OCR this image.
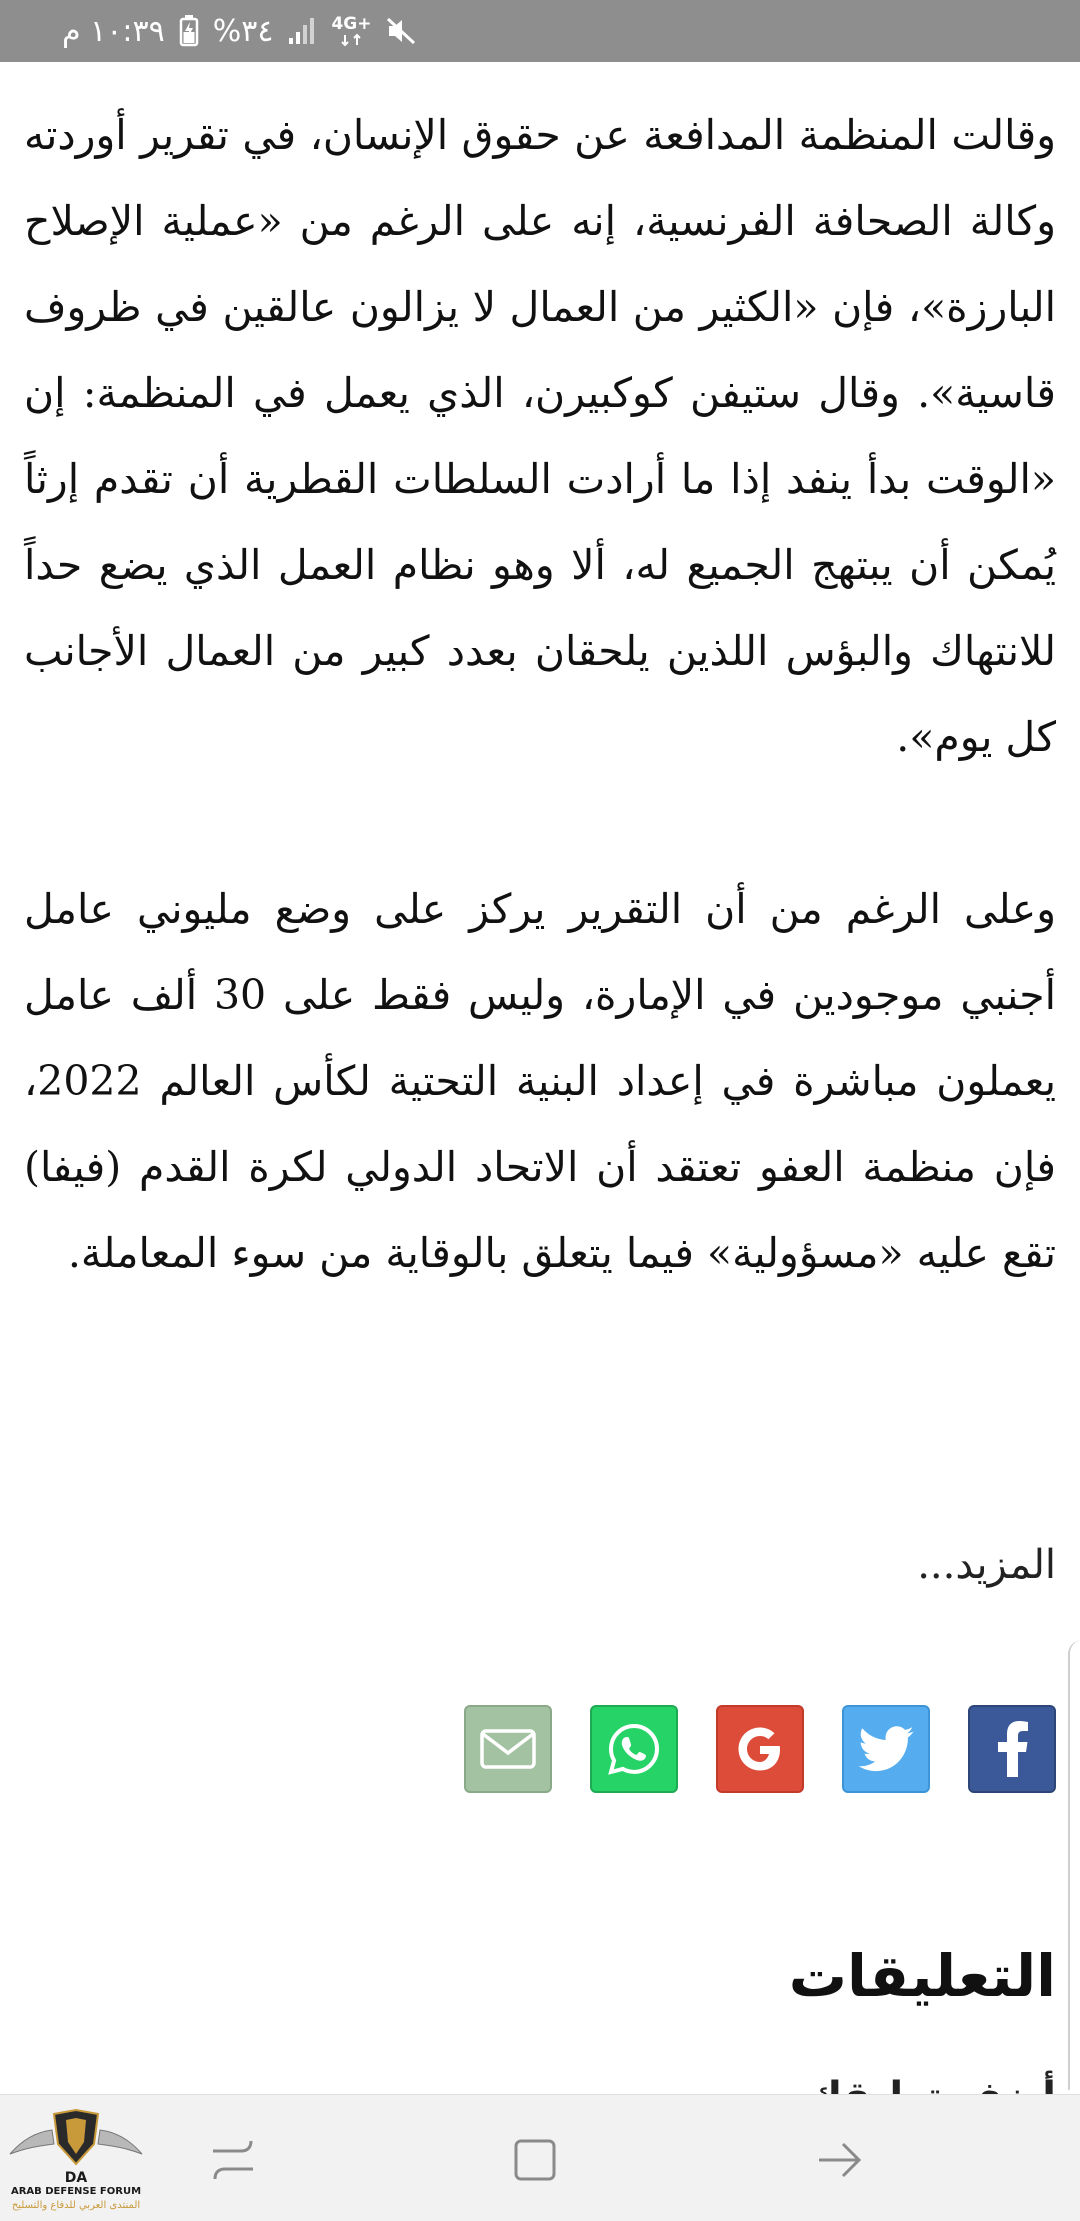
١٠:٣٩ م %٣٤	4G+

وقالت المنظمة المدافعة عن حقوق الإنسان، في تقرير أوردته وكالة الصحافة الفرنسية، إنه على الرغم من «عملية الإصلاح البارزة»، فإن «الكثير من العمال لا يزالون عالقين في ظروف قاسية». وقال ستيفن كوكبيرن، الذي يعمل في المنظمة: إن «الوقت بدأ ينفد إذا ما أرادت السلطات القطرية أن تقدم إرثاً يُمكن أن يبتهج الجميع له، ألا وهو نظام العمل الذي يضع حداً للانتهاك والبؤس اللذين يلحقان بعدد كبير من العمال الأجانب كل يوم».

وعلى الرغم من أن التقرير يركز على وضع مليوني عامل أجنبي موجودين في الإمارة، وليس فقط على 30 ألف عامل يعملون مباشرة في إعداد البنية التحتية لكأس العالم 2022، فإن منظمة العفو تعتقد أن الاتحاد الدولي لكرة القدم (فيفا) تقع عليه «مسؤولية» فيما يتعلق بالوقاية من سوء المعاملة.

المزيد...
التعليقات
DA
ARAB DEFENSE FORUM
المنتدى العربي للدفاع والتسليح
